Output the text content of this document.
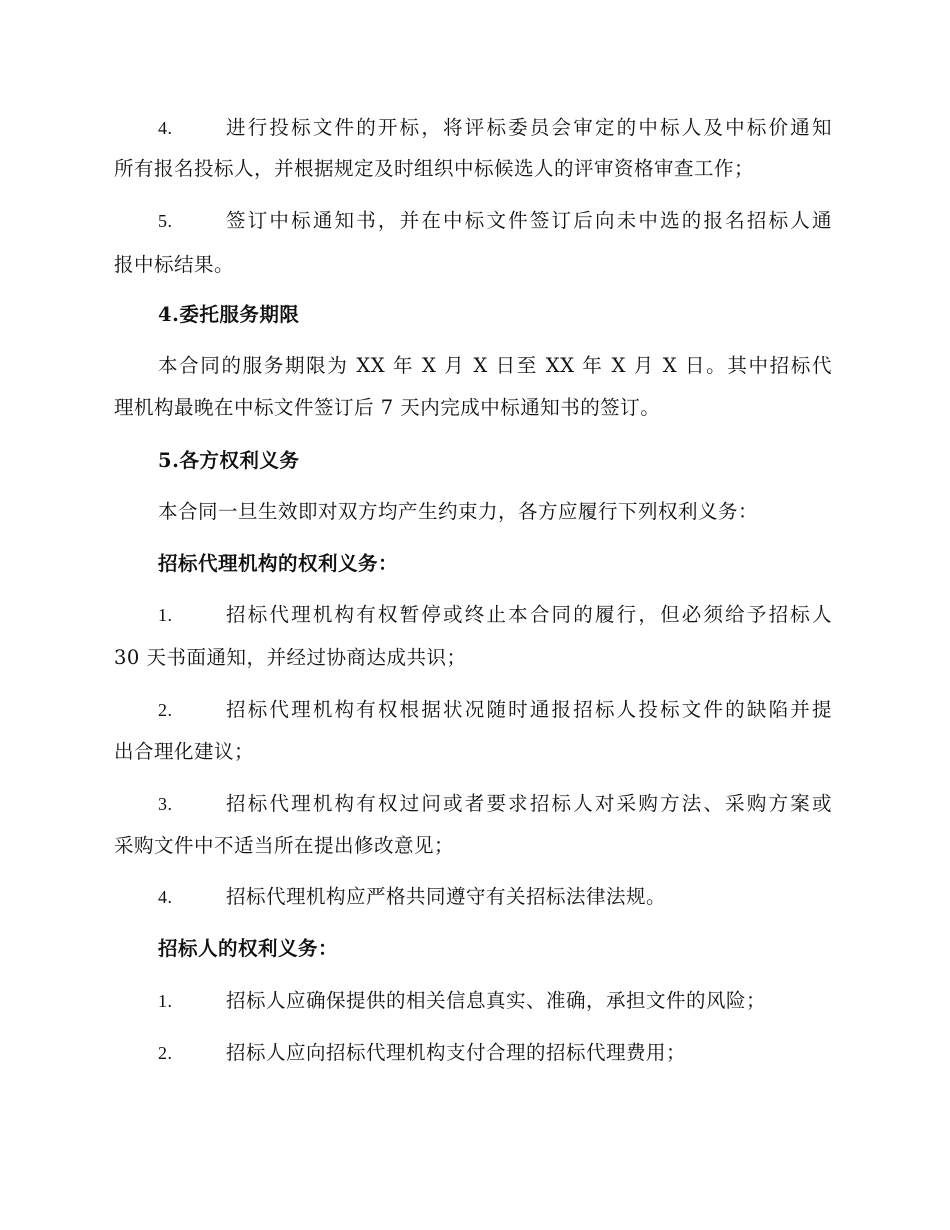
4.	进行投标文件的开标，将评标委员会审定的中标人及中标价通知
所有报名投标人，并根据规定及时组织中标候选人的评审资格审查工作；
5.	签订中标通知书，并在中标文件签订后向未中选的报名招标人通
报中标结果。
4.委托服务期限
本合同的服务期限为 XX 年 X 月 X 日至 XX 年 X 月 X 日。其中招标代
理机构最晚在中标文件签订后 7 天内完成中标通知书的签订。
5.各方权利义务
本合同一旦生效即对双方均产生约束力，各方应履行下列权利义务：
招标代理机构的权利义务：
1.	招标代理机构有权暂停或终止本合同的履行，但必须给予招标人
30 天书面通知，并经过协商达成共识；
2.	招标代理机构有权根据状况随时通报招标人投标文件的缺陷并提
出合理化建议；
3.	招标代理机构有权过问或者要求招标人对采购方法、采购方案或
采购文件中不适当所在提出修改意见；
4.	招标代理机构应严格共同遵守有关招标法律法规。
招标人的权利义务：
1.	招标人应确保提供的相关信息真实、准确，承担文件的风险；
2.	招标人应向招标代理机构支付合理的招标代理费用；
